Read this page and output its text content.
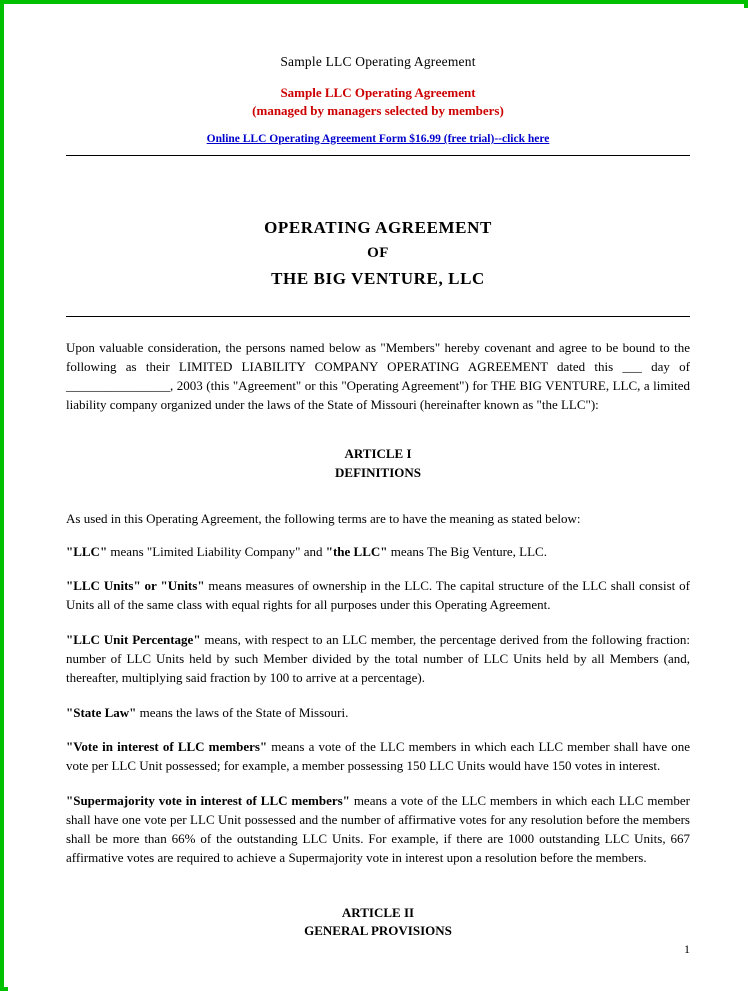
Sample LLC Operating Agreement
Sample LLC Operating Agreement
(managed by managers selected by members)
Online LLC Operating Agreement Form $16.99 (free trial)--click here
OPERATING AGREEMENT
OF
THE BIG VENTURE, LLC

Upon valuable consideration, the persons named below as "Members" hereby covenant and agree to be bound to the following as their LIMITED LIABILITY COMPANY OPERATING AGREEMENT dated this ___ day of ________________, 2003 (this "Agreement" or this "Operating Agreement") for THE BIG VENTURE, LLC, a limited liability company organized under the laws of the State of Missouri (hereinafter known as "the LLC"):

ARTICLE I
DEFINITIONS

As used in this Operating Agreement, the following terms are to have the meaning as stated below:

"LLC" means "Limited Liability Company" and "the LLC" means The Big Venture, LLC.

"LLC Units" or "Units" means measures of ownership in the LLC. The capital structure of the LLC shall consist of Units all of the same class with equal rights for all purposes under this Operating Agreement.

"LLC Unit Percentage" means, with respect to an LLC member, the percentage derived from the following fraction: number of LLC Units held by such Member divided by the total number of LLC Units held by all Members (and, thereafter, multiplying said fraction by 100 to arrive at a percentage).

"State Law" means the laws of the State of Missouri.

"Vote in interest of LLC members" means a vote of the LLC members in which each LLC member shall have one vote per LLC Unit possessed; for example, a member possessing 150 LLC Units would have 150 votes in interest.

"Supermajority vote in interest of LLC members" means a vote of the LLC members in which each LLC member shall have one vote per LLC Unit possessed and the number of affirmative votes for any resolution before the members shall be more than 66% of the outstanding LLC Units. For example, if there are 1000 outstanding LLC Units, 667 affirmative votes are required to achieve a Supermajority vote in interest upon a resolution before the members.

ARTICLE II
GENERAL PROVISIONS
1
